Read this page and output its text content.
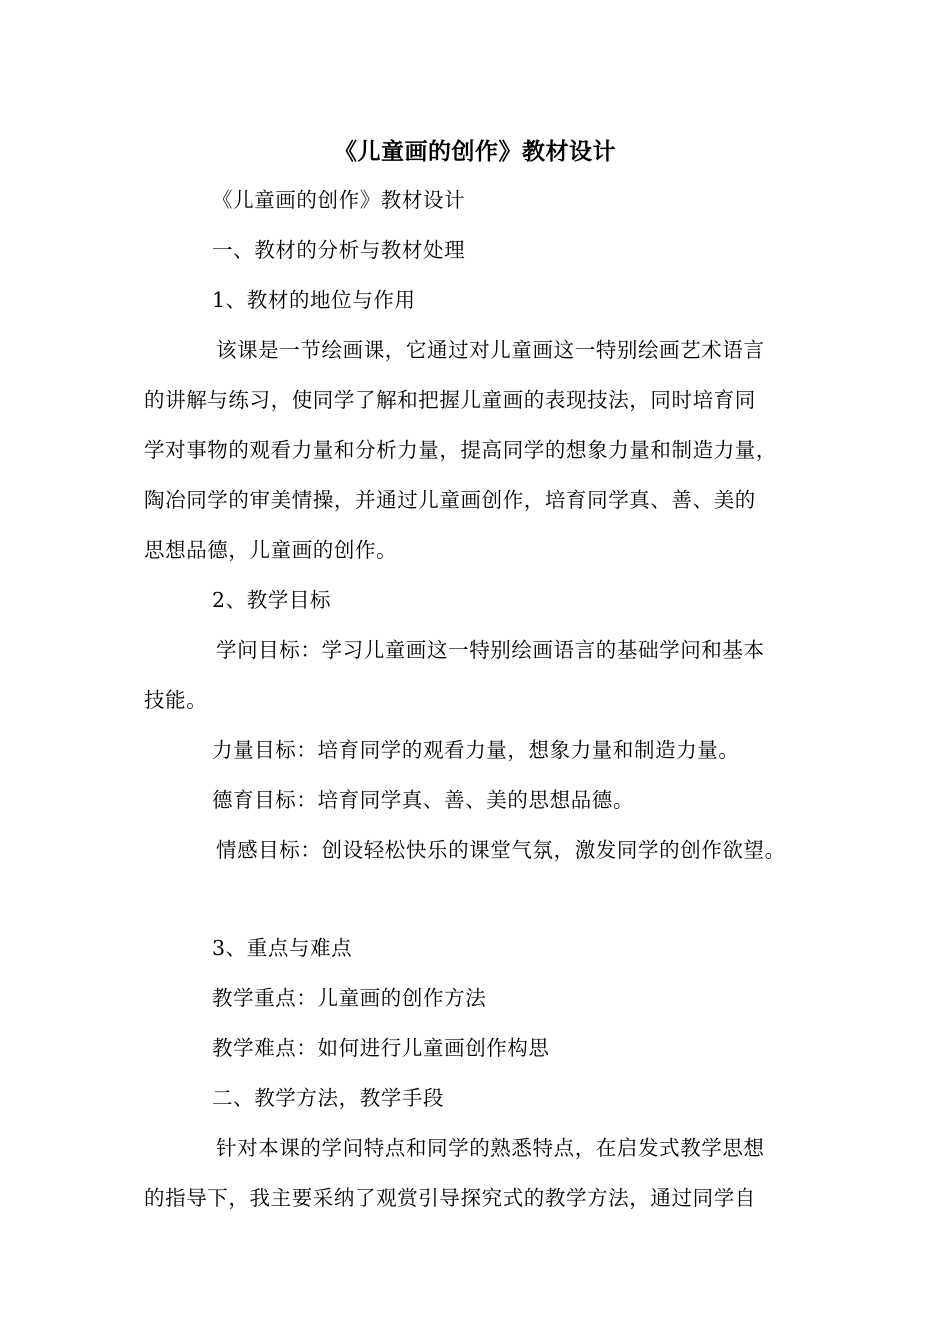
《儿童画的创作》教材设计
《儿童画的创作》教材设计
一、教材的分析与教材处理
1、教材的地位与作用
该课是一节绘画课，它通过对儿童画这一特别绘画艺术语言
的讲解与练习，使同学了解和把握儿童画的表现技法，同时培育同
学对事物的观看力量和分析力量，提高同学的想象力量和制造力量，
陶冶同学的审美情操，并通过儿童画创作，培育同学真、善、美的
思想品德，儿童画的创作。
2、教学目标
学问目标：学习儿童画这一特别绘画语言的基础学问和基本
技能。
力量目标：培育同学的观看力量，想象力量和制造力量。
德育目标：培育同学真、善、美的思想品德。
情感目标：创设轻松快乐的课堂气氛，激发同学的创作欲望。
3、重点与难点
教学重点：儿童画的创作方法
教学难点：如何进行儿童画创作构思
二、教学方法，教学手段
针对本课的学问特点和同学的熟悉特点，在启发式教学思想
的指导下，我主要采纳了观赏引导探究式的教学方法，通过同学自
